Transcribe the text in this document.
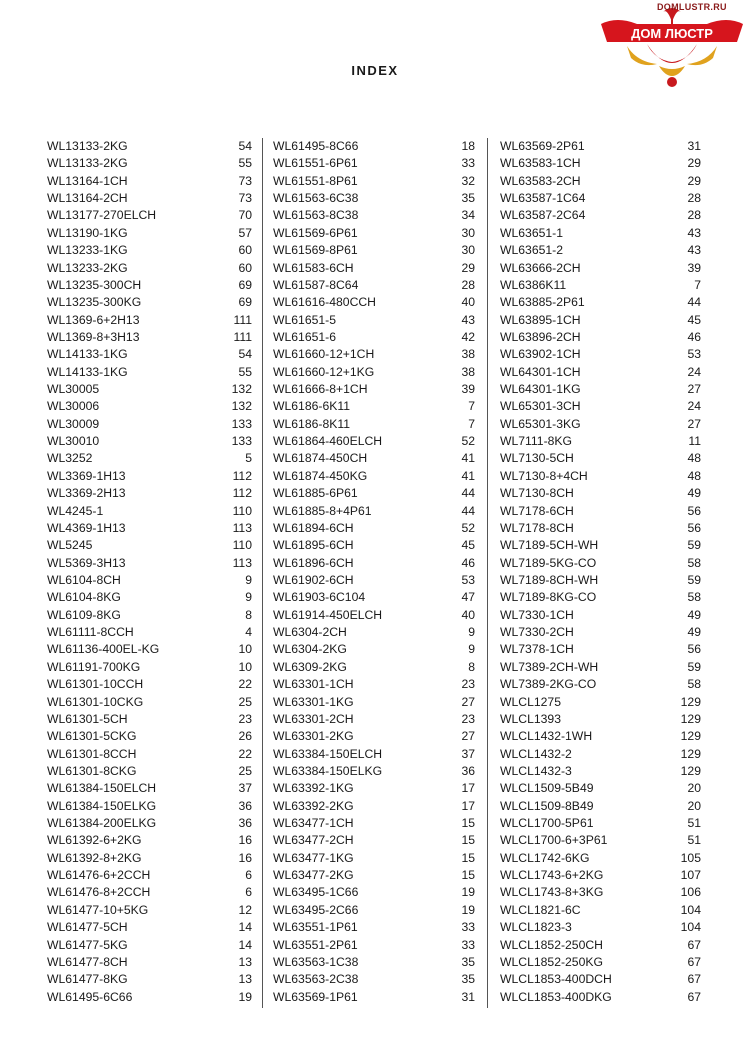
ДОМ ЛЮСТР
DOMLUSTR.RU
INDEX
WL13133-2KG	54
WL13133-2KG	55
WL13164-1CH	73
WL13164-2CH	73
WL13177-270ELCH	70
WL13190-1KG	57
WL13233-1KG	60
WL13233-2KG	60
WL13235-300CH	69
WL13235-300KG	69
WL1369-6+2H13	111
WL1369-8+3H13	111
WL14133-1KG	54
WL14133-1KG	55
WL30005	132
WL30006	132
WL30009	133
WL30010	133
WL3252	5
WL3369-1H13	112
WL3369-2H13	112
WL4245-1	110
WL4369-1H13	113
WL5245	110
WL5369-3H13	113
WL6104-8CH	9
WL6104-8KG	9
WL6109-8KG	8
WL61111-8CCH	4
WL61136-400EL-KG	10
WL61191-700KG	10
WL61301-10CCH	22
WL61301-10CKG	25
WL61301-5CH	23
WL61301-5CKG	26
WL61301-8CCH	22
WL61301-8CKG	25
WL61384-150ELCH	37
WL61384-150ELKG	36
WL61384-200ELKG	36
WL61392-6+2KG	16
WL61392-8+2KG	16
WL61476-6+2CCH	6
WL61476-8+2CCH	6
WL61477-10+5KG	12
WL61477-5CH	14
WL61477-5KG	14
WL61477-8CH	13
WL61477-8KG	13
WL61495-6C66	19
WL61495-8C66	18
WL61551-6P61	33
WL61551-8P61	32
WL61563-6C38	35
WL61563-8C38	34
WL61569-6P61	30
WL61569-8P61	30
WL61583-6CH	29
WL61587-8C64	28
WL61616-480CCH	40
WL61651-5	43
WL61651-6	42
WL61660-12+1CH	38
WL61660-12+1KG	38
WL61666-8+1CH	39
WL6186-6K11	7
WL6186-8K11	7
WL61864-460ELCH	52
WL61874-450CH	41
WL61874-450KG	41
WL61885-6P61	44
WL61885-8+4P61	44
WL61894-6CH	52
WL61895-6CH	45
WL61896-6CH	46
WL61902-6CH	53
WL61903-6C104	47
WL61914-450ELCH	40
WL6304-2CH	9
WL6304-2KG	9
WL6309-2KG	8
WL63301-1CH	23
WL63301-1KG	27
WL63301-2CH	23
WL63301-2KG	27
WL63384-150ELCH	37
WL63384-150ELKG	36
WL63392-1KG	17
WL63392-2KG	17
WL63477-1CH	15
WL63477-2CH	15
WL63477-1KG	15
WL63477-2KG	15
WL63495-1C66	19
WL63495-2C66	19
WL63551-1P61	33
WL63551-2P61	33
WL63563-1C38	35
WL63563-2C38	35
WL63569-1P61	31
WL63569-2P61	31
WL63583-1CH	29
WL63583-2CH	29
WL63587-1C64	28
WL63587-2C64	28
WL63651-1	43
WL63651-2	43
WL63666-2CH	39
WL6386K11	7
WL63885-2P61	44
WL63895-1CH	45
WL63896-2CH	46
WL63902-1CH	53
WL64301-1CH	24
WL64301-1KG	27
WL65301-3CH	24
WL65301-3KG	27
WL7111-8KG	11
WL7130-5CH	48
WL7130-8+4CH	48
WL7130-8CH	49
WL7178-6CH	56
WL7178-8CH	56
WL7189-5CH-WH	59
WL7189-5KG-CO	58
WL7189-8CH-WH	59
WL7189-8KG-CO	58
WL7330-1CH	49
WL7330-2CH	49
WL7378-1CH	56
WL7389-2CH-WH	59
WL7389-2KG-CO	58
WLCL1275	129
WLCL1393	129
WLCL1432-1WH	129
WLCL1432-2	129
WLCL1432-3	129
WLCL1509-5B49	20
WLCL1509-8B49	20
WLCL1700-5P61	51
WLCL1700-6+3P61	51
WLCL1742-6KG	105
WLCL1743-6+2KG	107
WLCL1743-8+3KG	106
WLCL1821-6C	104
WLCL1823-3	104
WLCL1852-250CH	67
WLCL1852-250KG	67
WLCL1853-400DCH	67
WLCL1853-400DKG	67
